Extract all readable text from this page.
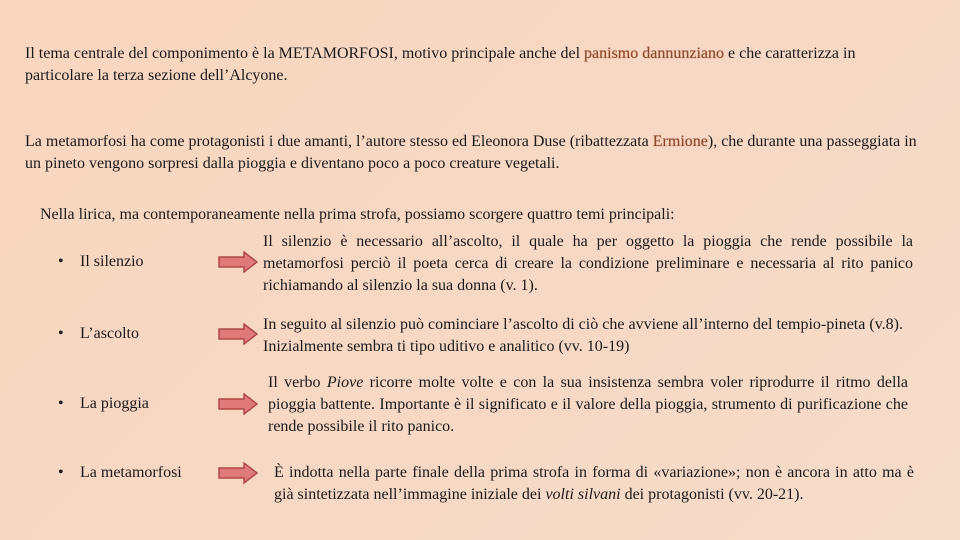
Il tema centrale del componimento è la METAMORFOSI, motivo principale anche del panismo dannunziano e che caratterizza in particolare la terza sezione dell’Alcyone.

La metamorfosi ha come protagonisti i due amanti, l’autore stesso ed Eleonora Duse (ribattezzata Ermione), che durante una passeggiata in un pineto vengono sorpresi dalla pioggia e diventano poco a poco creature vegetali.

Nella lirica, ma contemporaneamente nella prima strofa, possiamo scorgere quattro temi principali:

• Il silenzio
Il silenzio è necessario all’ascolto, il quale ha per oggetto la pioggia che rende possibile la metamorfosi perciò il poeta cerca di creare la condizione preliminare e necessaria al rito panico richiamando al silenzio la sua donna (v. 1).
• L’ascolto
In seguito al silenzio può cominciare l’ascolto di ciò che avviene all’interno del tempio-pineta (v.8). Inizialmente sembra ti tipo uditivo e analitico (vv. 10-19)
• La pioggia
Il verbo Piove ricorre molte volte e con la sua insistenza sembra voler riprodurre il ritmo della pioggia battente. Importante è il significato e il valore della pioggia, strumento di purificazione che rende possibile il rito panico.
• La metamorfosi	È indotta nella parte finale della prima strofa in forma di «variazione»; non è ancora in atto ma è già sintetizzata nell’immagine iniziale dei volti silvani dei protagonisti (vv. 20-21).
